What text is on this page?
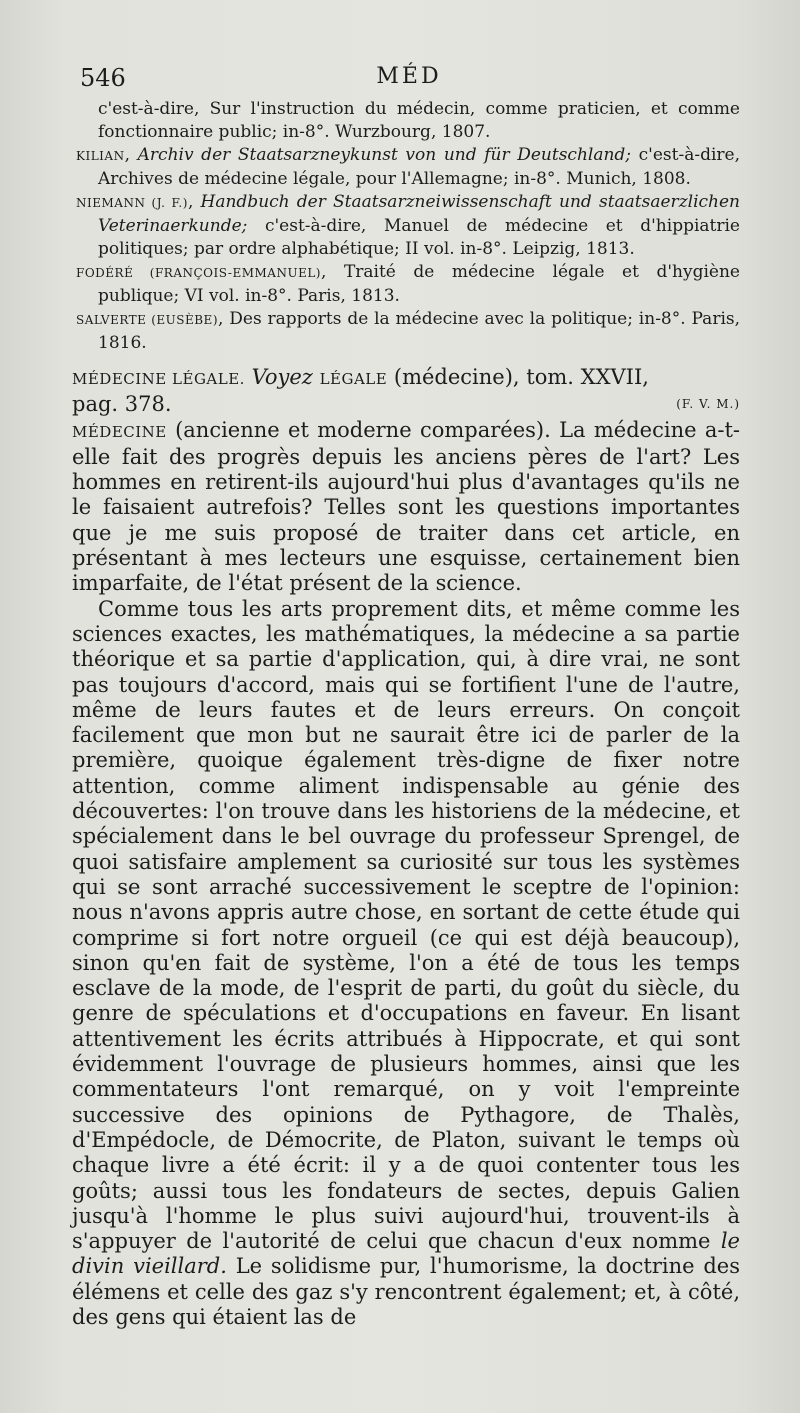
546	MÉD

c'est-à-dire, Sur l'instruction du médecin, comme praticien, et comme fonctionnaire public; in-8°. Wurzbourg, 1807.

KILIAN, Archiv der Staatsarzneykunst von und für Deutschland; c'est-à-dire, Archives de médecine légale, pour l'Allemagne; in-8°. Munich, 1808.

NIEMANN (J. F.), Handbuch der Staatsarzneiwissenschaft und staatsaerzlichen Veterinaerkunde; c'est-à-dire, Manuel de médecine et d'hippiatrie politiques; par ordre alphabétique; II vol. in-8°. Leipzig, 1813.

FODÉRÉ (FRANÇOIS-EMMANUEL), Traité de médecine légale et d'hygiène publique; VI vol. in-8°. Paris, 1813.

SALVERTE (EUSÈBE), Des rapports de la médecine avec la politique; in-8°. Paris, 1816.

MÉDECINE LÉGALE. Voyez LÉGALE (médecine), tom. XXVII,

pag. 378.	(F. V. M.)

MÉDECINE (ancienne et moderne comparées). La médecine a-t-elle fait des progrès depuis les anciens pères de l'art? Les hommes en retirent-ils aujourd'hui plus d'avantages qu'ils ne le faisaient autrefois? Telles sont les questions importantes que je me suis proposé de traiter dans cet article, en présentant à mes lecteurs une esquisse, certainement bien imparfaite, de l'état présent de la science.

Comme tous les arts proprement dits, et même comme les sciences exactes, les mathématiques, la médecine a sa partie théorique et sa partie d'application, qui, à dire vrai, ne sont pas toujours d'accord, mais qui se fortifient l'une de l'autre, même de leurs fautes et de leurs erreurs. On conçoit facilement que mon but ne saurait être ici de parler de la première, quoique également très-digne de fixer notre attention, comme aliment indispensable au génie des découvertes: l'on trouve dans les historiens de la médecine, et spécialement dans le bel ouvrage du professeur Sprengel, de quoi satisfaire amplement sa curiosité sur tous les systèmes qui se sont arraché successivement le sceptre de l'opinion: nous n'avons appris autre chose, en sortant de cette étude qui comprime si fort notre orgueil (ce qui est déjà beaucoup), sinon qu'en fait de système, l'on a été de tous les temps esclave de la mode, de l'esprit de parti, du goût du siècle, du genre de spéculations et d'occupations en faveur. En lisant attentivement les écrits attribués à Hippocrate, et qui sont évidemment l'ouvrage de plusieurs hommes, ainsi que les commentateurs l'ont remarqué, on y voit l'empreinte successive des opinions de Pythagore, de Thalès, d'Empédocle, de Démocrite, de Platon, suivant le temps où chaque livre a été écrit: il y a de quoi contenter tous les goûts; aussi tous les fondateurs de sectes, depuis Galien jusqu'à l'homme le plus suivi aujourd'hui, trouvent-ils à s'appuyer de l'autorité de celui que chacun d'eux nomme le divin vieillard. Le solidisme pur, l'humorisme, la doctrine des élémens et celle des gaz s'y rencontrent également; et, à côté, des gens qui étaient las de
